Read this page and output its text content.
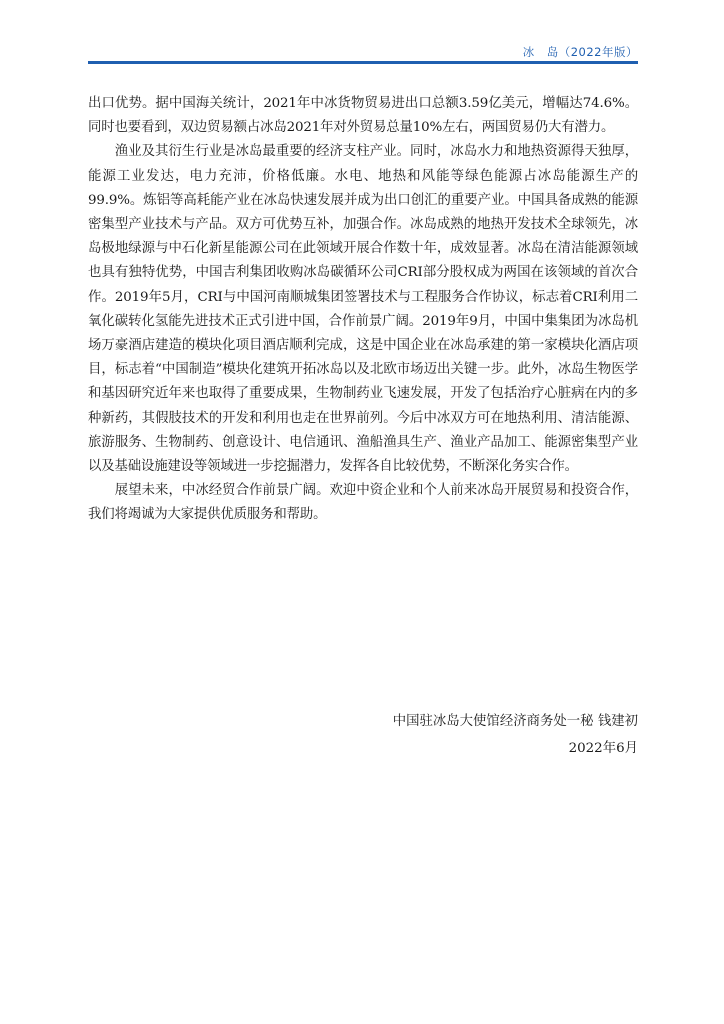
冰　岛（2022年版）

出口优势。据中国海关统计，2021年中冰货物贸易进出口总额3.59亿美元，增幅达74.6%。同时也要看到，双边贸易额占冰岛2021年对外贸易总量10%左右，两国贸易仍大有潜力。

渔业及其衍生行业是冰岛最重要的经济支柱产业。同时，冰岛水力和地热资源得天独厚，能源工业发达，电力充沛，价格低廉。水电、地热和风能等绿色能源占冰岛能源生产的99.9%。炼铝等高耗能产业在冰岛快速发展并成为出口创汇的重要产业。中国具备成熟的能源密集型产业技术与产品。双方可优势互补，加强合作。冰岛成熟的地热开发技术全球领先，冰岛极地绿源与中石化新星能源公司在此领域开展合作数十年，成效显著。冰岛在清洁能源领域也具有独特优势，中国吉利集团收购冰岛碳循环公司CRI部分股权成为两国在该领域的首次合作。2019年5月，CRI与中国河南顺城集团签署技术与工程服务合作协议，标志着CRI利用二氧化碳转化氢能先进技术正式引进中国，合作前景广阔。2019年9月，中国中集集团为冰岛机场万豪酒店建造的模块化项目酒店顺利完成，这是中国企业在冰岛承建的第一家模块化酒店项目，标志着“中国制造”模块化建筑开拓冰岛以及北欧市场迈出关键一步。此外，冰岛生物医学和基因研究近年来也取得了重要成果，生物制药业飞速发展，开发了包括治疗心脏病在内的多种新药，其假肢技术的开发和利用也走在世界前列。今后中冰双方可在地热利用、清洁能源、旅游服务、生物制药、创意设计、电信通讯、渔船渔具生产、渔业产品加工、能源密集型产业以及基础设施建设等领域进一步挖掘潜力，发挥各自比较优势，不断深化务实合作。

展望未来，中冰经贸合作前景广阔。欢迎中资企业和个人前来冰岛开展贸易和投资合作，我们将竭诚为大家提供优质服务和帮助。

中国驻冰岛大使馆经济商务处一秘 钱建初
2022年6月
